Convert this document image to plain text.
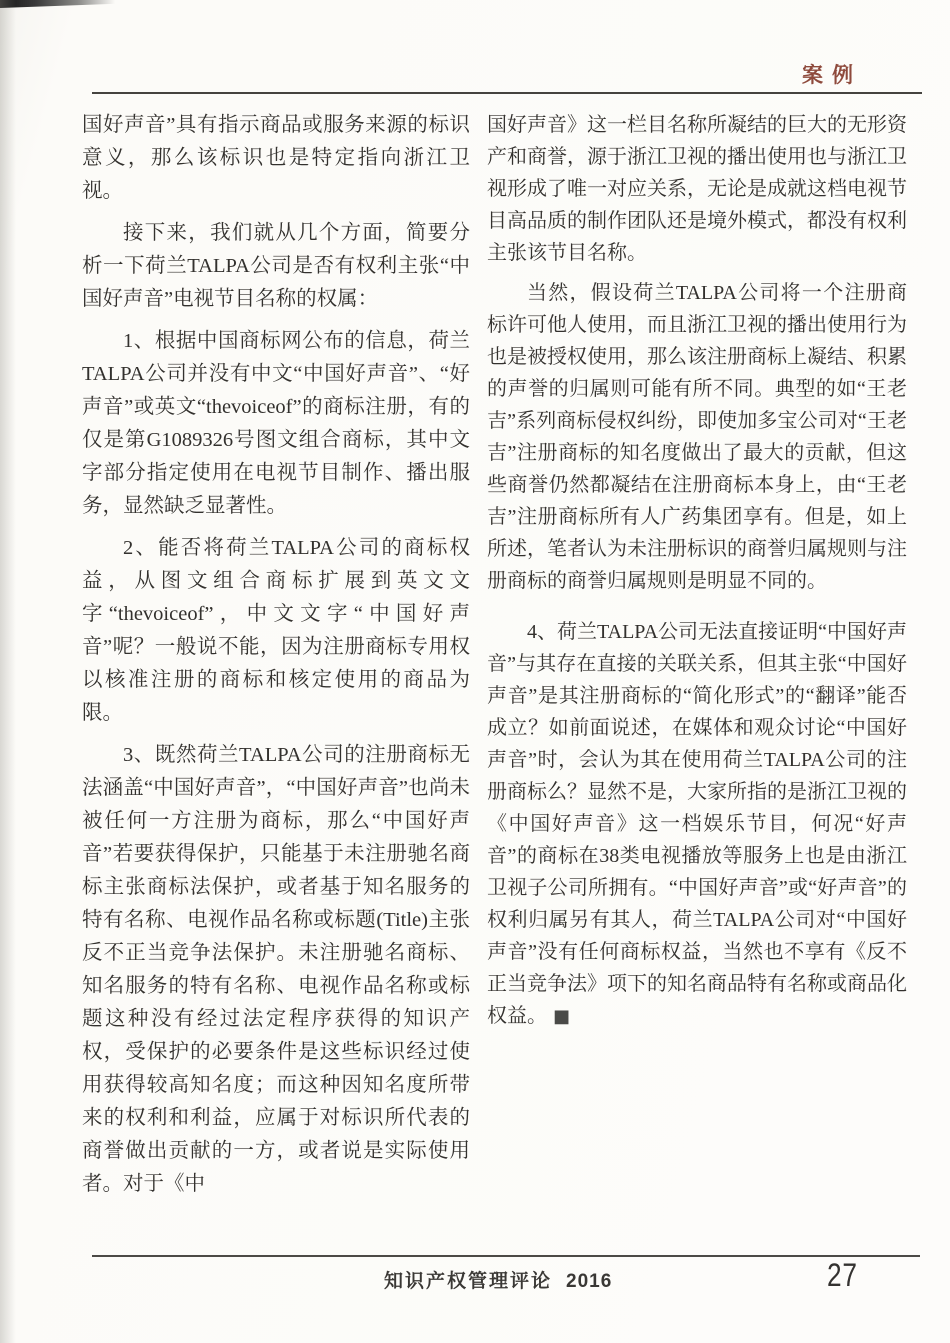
案例

国好声音”具有指示商品或服务来源的标识意义，那么该标识也是特定指向浙江卫视。

接下来，我们就从几个方面，简要分析一下荷兰TALPA公司是否有权利主张“中国好声音”电视节目名称的权属：

1、根据中国商标网公布的信息，荷兰TALPA公司并没有中文“中国好声音”、“好声音”或英文“thevoiceof”的商标注册，有的仅是第G1089326号图文组合商标，其中文字部分指定使用在电视节目制作、播出服务，显然缺乏显著性。

2、能否将荷兰TALPA公司的商标权益，从图文组合商标扩展到英文文字“thevoiceof”，中文文字“中国好声音”呢？一般说不能，因为注册商标专用权以核准注册的商标和核定使用的商品为限。

3、既然荷兰TALPA公司的注册商标无法涵盖“中国好声音”，“中国好声音”也尚未被任何一方注册为商标，那么“中国好声音”若要获得保护，只能基于未注册驰名商标主张商标法保护，或者基于知名服务的特有名称、电视作品名称或标题(Title)主张反不正当竞争法保护。未注册驰名商标、知名服务的特有名称、电视作品名称或标题这种没有经过法定程序获得的知识产权，受保护的必要条件是这些标识经过使用获得较高知名度；而这种因知名度所带来的权利和利益，应属于对标识所代表的商誉做出贡献的一方，或者说是实际使用者。对于《中

国好声音》这一栏目名称所凝结的巨大的无形资产和商誉，源于浙江卫视的播出使用也与浙江卫视形成了唯一对应关系，无论是成就这档电视节目高品质的制作团队还是境外模式，都没有权利主张该节目名称。

当然，假设荷兰TALPA公司将一个注册商标许可他人使用，而且浙江卫视的播出使用行为也是被授权使用，那么该注册商标上凝结、积累的声誉的归属则可能有所不同。典型的如“王老吉”系列商标侵权纠纷，即使加多宝公司对“王老吉”注册商标的知名度做出了最大的贡献，但这些商誉仍然都凝结在注册商标本身上，由“王老吉”注册商标所有人广药集团享有。但是，如上所述，笔者认为未注册标识的商誉归属规则与注册商标的商誉归属规则是明显不同的。

4、荷兰TALPA公司无法直接证明“中国好声音”与其存在直接的关联关系，但其主张“中国好声音”是其注册商标的“简化形式”的“翻译”能否成立？如前面说述，在媒体和观众讨论“中国好声音”时，会认为其在使用荷兰TALPA公司的注册商标么？显然不是，大家所指的是浙江卫视的《中国好声音》这一档娱乐节目，何况“好声音”的商标在38类电视播放等服务上也是由浙江卫视子公司所拥有。“中国好声音”或“好声音”的权利归属另有其人，荷兰TALPA公司对“中国好声音”没有任何商标权益，当然也不享有《反不正当竞争法》项下的知名商品特有名称或商品化权益。 ■

知识产权管理评论 2016	27
